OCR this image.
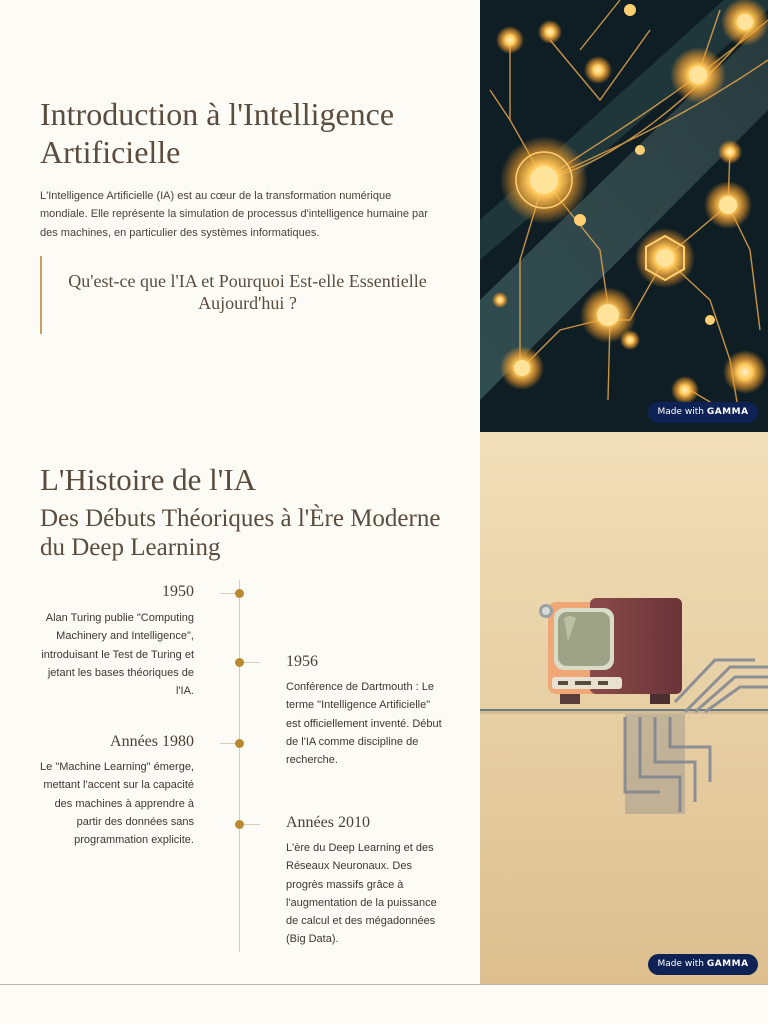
Introduction à l'Intelligence Artificielle

L'Intelligence Artificielle (IA) est au cœur de la transformation numérique mondiale. Elle représente la simulation de processus d'intelligence humaine par des machines, en particulier des systèmes informatiques.

Qu'est-ce que l'IA et Pourquoi Est-elle Essentielle Aujourd'hui ?

Made with GAMMA
L'Histoire de l'IA
Des Débuts Théoriques à l'Ère Moderne du Deep Learning

1950

Alan Turing publie "Computing Machinery and Intelligence", introduisant le Test de Turing et jetant les bases théoriques de l'IA.

1956

Conférence de Dartmouth : Le terme "Intelligence Artificielle" est officiellement inventé. Début de l'IA comme discipline de recherche.

Années 1980

Le "Machine Learning" émerge, mettant l'accent sur la capacité des machines à apprendre à partir des données sans programmation explicite.

Années 2010

L'ère du Deep Learning et des Réseaux Neuronaux. Des progrès massifs grâce à l'augmentation de la puissance de calcul et des mégadonnées (Big Data).

Made with GAMMA
